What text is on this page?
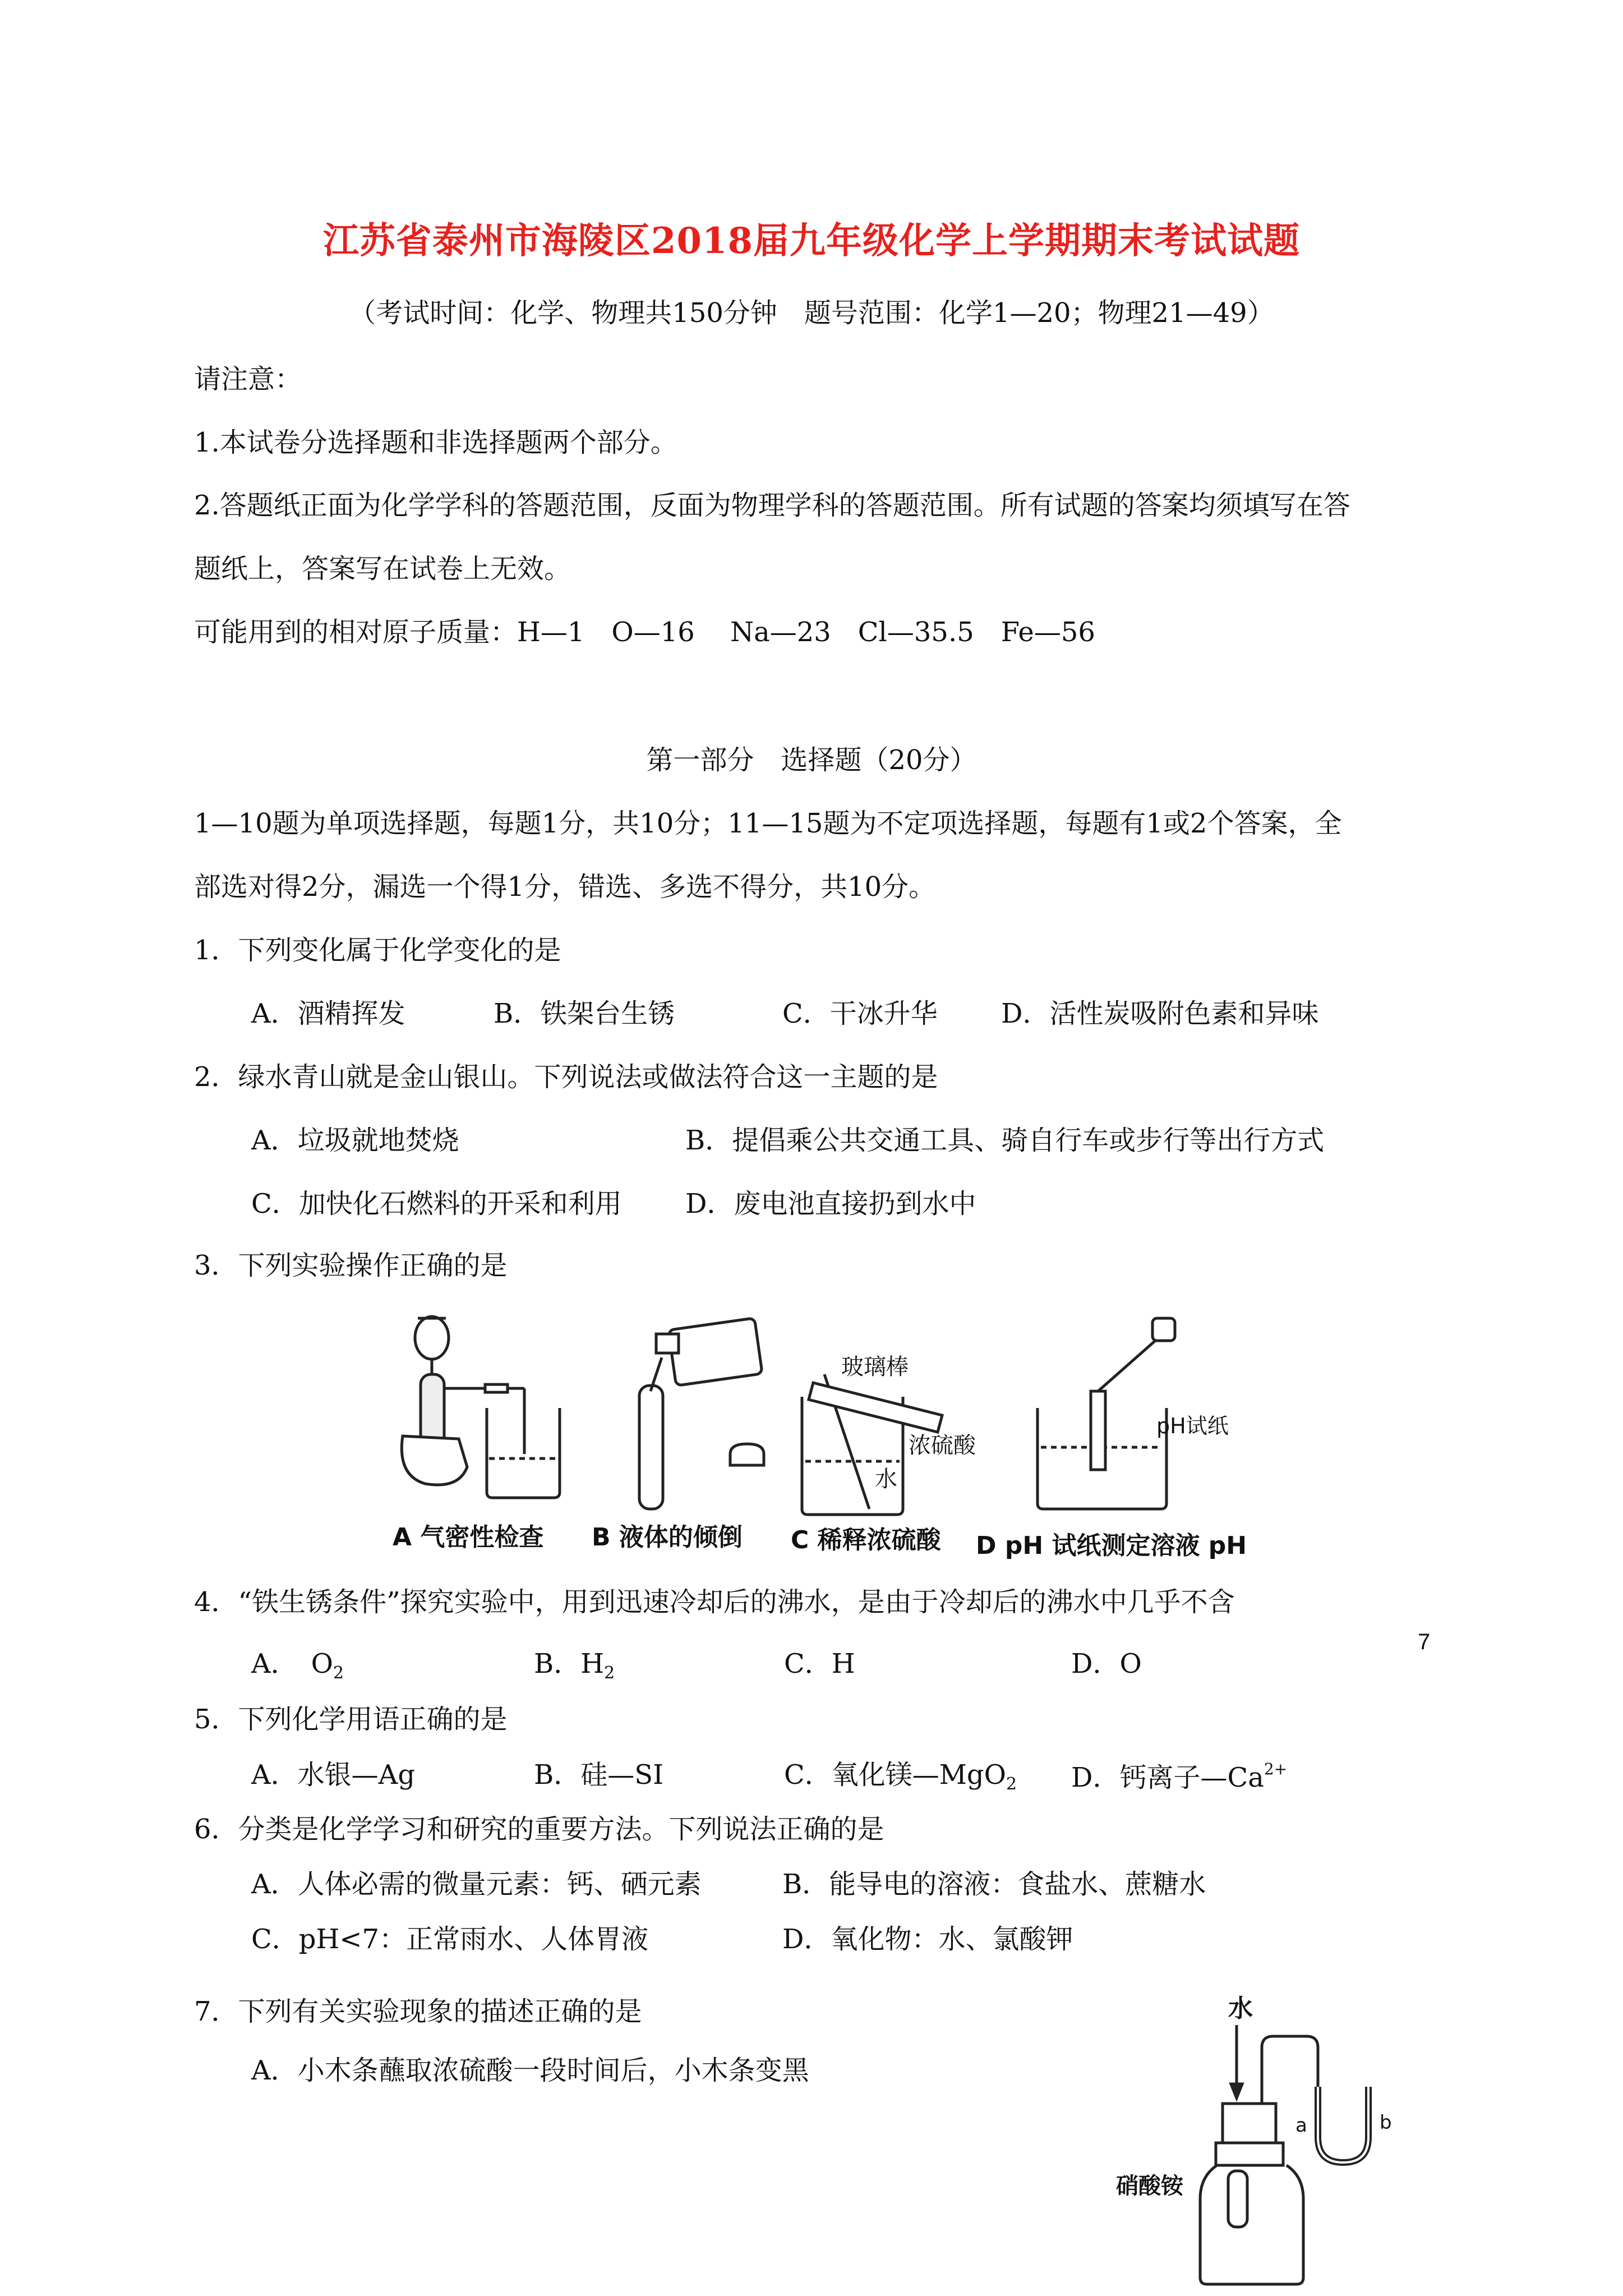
江苏省泰州市海陵区2018届九年级化学上学期期末考试试题
（考试时间：化学、物理共150分钟　题号范围：化学1—20；物理21—49）
请注意：
1.本试卷分选择题和非选择题两个部分。
2.答题纸正面为化学学科的答题范围，反面为物理学科的答题范围。所有试题的答案均须填写在答
题纸上，答案写在试卷上无效。
可能用到的相对原子质量：H—1　O—16　 Na—23　Cl—35.5　Fe—56
第一部分　选择题（20分）
1—10题为单项选择题，每题1分，共10分；11—15题为不定项选择题，每题有1或2个答案，全
部选对得2分，漏选一个得1分，错选、多选不得分，共10分。
1．下列变化属于化学变化的是
A．酒精挥发	B．铁架台生锈	C．干冰升华 D．活性炭吸附色素和异味
2．绿水青山就是金山银山。下列说法或做法符合这一主题的是
A．垃圾就地焚烧	B．提倡乘公共交通工具、骑自行车或步行等出行方式
C．加快化石燃料的开采和利用 D．废电池直接扔到水中
3．下列实验操作正确的是
玻璃棒
浓硫酸
水
pH试纸
A 气密性检查 B 液体的倾倒 C 稀释浓硫酸 D pH 试纸测定溶液 pH
4．“铁生锈条件”探究实验中，用到迅速冷却后的沸水，是由于冷却后的沸水中几乎不含
A．　$O_2$	B．$H_2$	C．H	D．O
5．下列化学用语正确的是
A．水银—Ag	B．硅—SI	C．氧化镁—MgO$_2$ D．钙离子$—Ca^{2+}$
6．分类是化学学习和研究的重要方法。下列说法正确的是
A．人体必需的微量元素：钙、硒元素	B．能导电的溶液：食盐水、蔗糖水
C．pH<7：正常雨水、人体胃液	D．氧化物：水、氯酸钾
7．下列有关实验现象的描述正确的是
A．小木条蘸取浓硫酸一段时间后，小木条变黑
水
硝酸铵
a	b
7
